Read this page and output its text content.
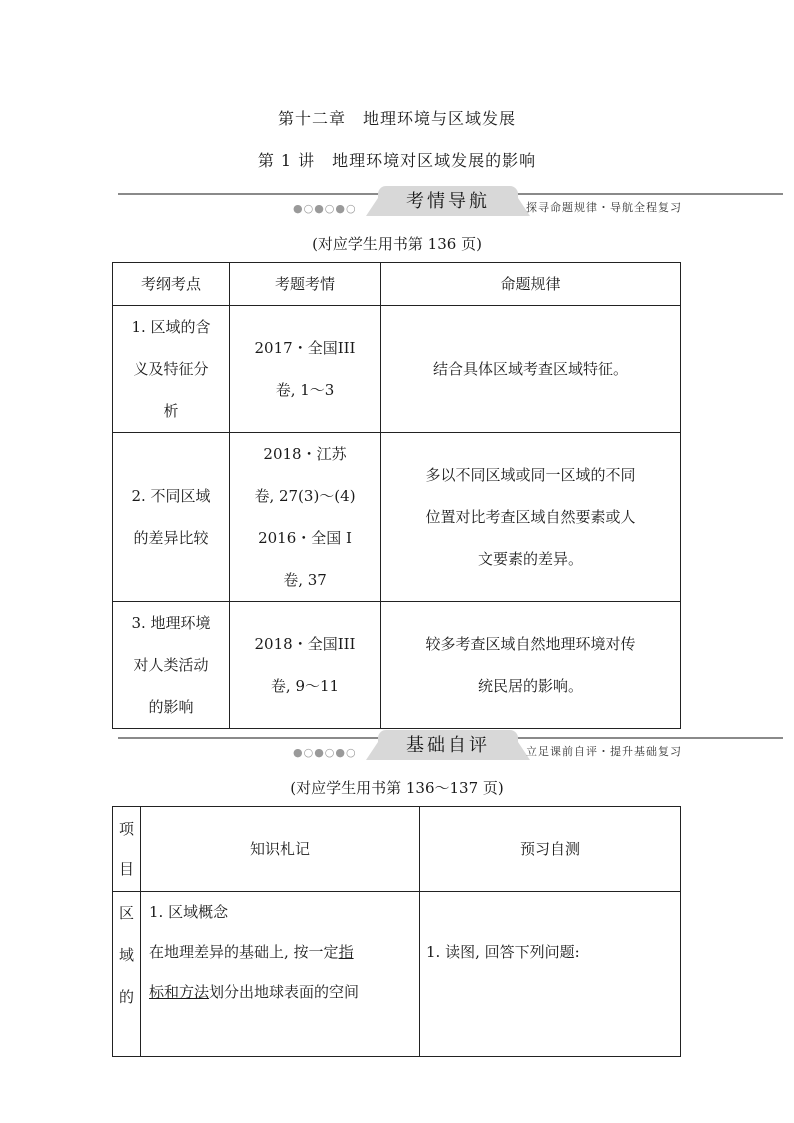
第十二章　地理环境与区域发展
第 1 讲　地理环境对区域发展的影响
●○●○●○	考情导航	探寻命题规律・导航全程复习
(对应学生用书第 136 页)
考纲考点	考题考情	命题规律

1. 区域的含
义及特征分
析	2017・全国III
卷, 1～3	结合具体区域考查区域特征。

2. 不同区域
的差异比较	2018・江苏
卷, 27(3)～(4)
2016・全国 I
卷, 37	多以不同区域或同一区域的不同
位置对比考查区域自然要素或人
文要素的差异。

3. 地理环境
对人类活动
的影响	2018・全国III
卷, 9～11	较多考查区域自然地理环境对传
统民居的影响。
●○●○●○	基础自评	立足课前自评・提升基础复习
(对应学生用书第 136～137 页)
项
目	知识札记	预习自测

区
域
的	1. 区域概念
在地理差异的基础上, 按一定指
标和方法划分出地球表面的空间	1. 读图, 回答下列问题:
